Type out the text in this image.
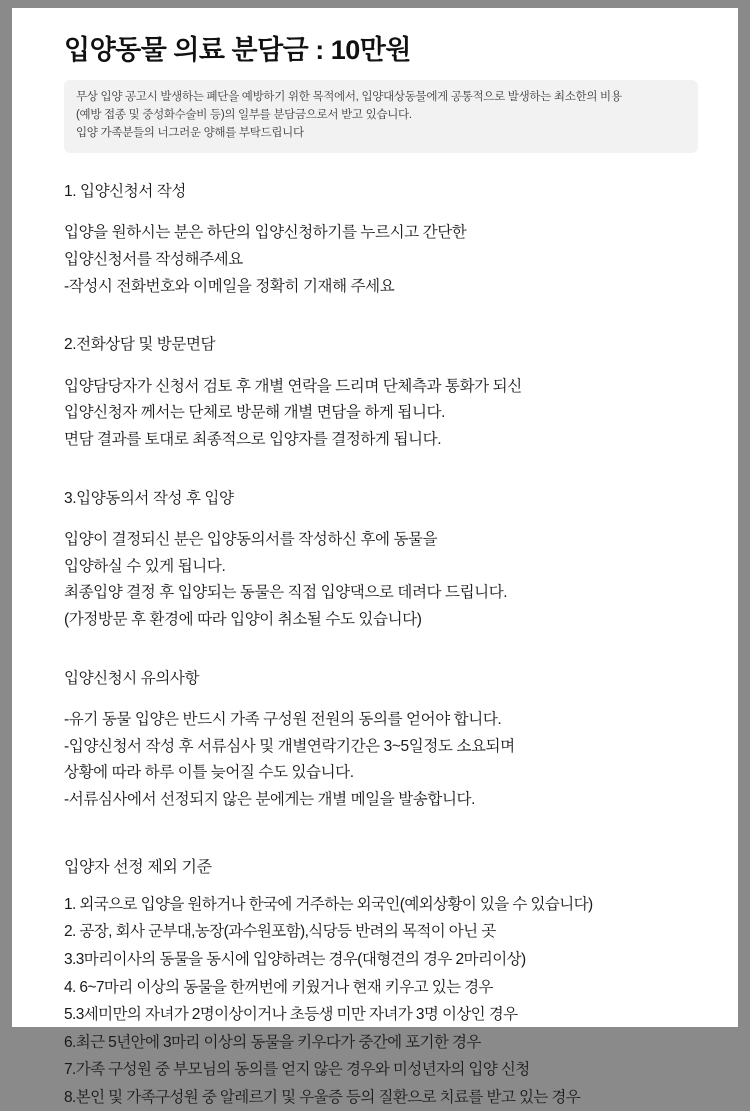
입양동물 의료 분담금 : 10만원

무상 입양 공고시 발생하는 폐단을 예방하기 위한 목적에서, 입양대상동물에게 공통적으로 발생하는 최소한의 비용

(예방 접종 및 중성화수술비 등)의 일부를 분담금으로서 받고 있습니다.

입양 가족분들의 너그러운 양해를 부탁드립니다

1. 입양신청서 작성

입양을 원하시는 분은 하단의 입양신청하기를 누르시고 간단한

입양신청서를 작성해주세요

-작성시 전화번호와 이메일을 정확히 기재해 주세요

2.전화상담 및 방문면담

입양담당자가 신청서 검토 후 개별 연락을 드리며 단체측과 통화가 되신

입양신청자 께서는 단체로 방문해 개별 면담을 하게 됩니다.

면담 결과를 토대로 최종적으로 입양자를 결정하게 됩니다.

3.입양동의서 작성 후 입양

입양이 결정되신 분은 입양동의서를 작성하신 후에 동물을

입양하실 수 있게 됩니다.

최종입양 결정 후 입양되는 동물은 직접 입양댁으로 데려다 드립니다.

(가정방문 후 환경에 따라 입양이 취소될 수도 있습니다)

입양신청시 유의사항

-유기 동물 입양은 반드시 가족 구성원 전원의 동의를 얻어야 합니다.

-입양신청서 작성 후 서류심사 및 개별연락기간은 3~5일정도 소요되며

상황에 따라 하루 이틀 늦어질 수도 있습니다.

-서류심사에서 선정되지 않은 분에게는 개별 메일을 발송합니다.

입양자 선정 제외 기준

1. 외국으로 입양을 원하거나 한국에 거주하는 외국인(예외상황이 있을 수 있습니다)

2. 공장, 회사 군부대,농장(과수원포함),식당등 반려의 목적이 아닌 곳

3.3마리이사의 동물을 동시에 입양하려는 경우(대형견의 경우 2마리이상)

4. 6~7마리 이상의 동물을 한꺼번에 키웠거나 현재 키우고 있는 경우

5.3세미만의 자녀가 2명이상이거나 초등생 미만 자녀가 3명 이상인 경우

6.최근 5년안에 3마리 이상의 동물을 키우다가 중간에 포기한 경우

7.가족 구성원 중 부모님의 동의를 얻지 않은 경우와 미성년자의 입양 신청

8.본인 및 가족구성원 중 알레르기 및 우울증 등의 질환으로 치료를 받고 있는 경우
